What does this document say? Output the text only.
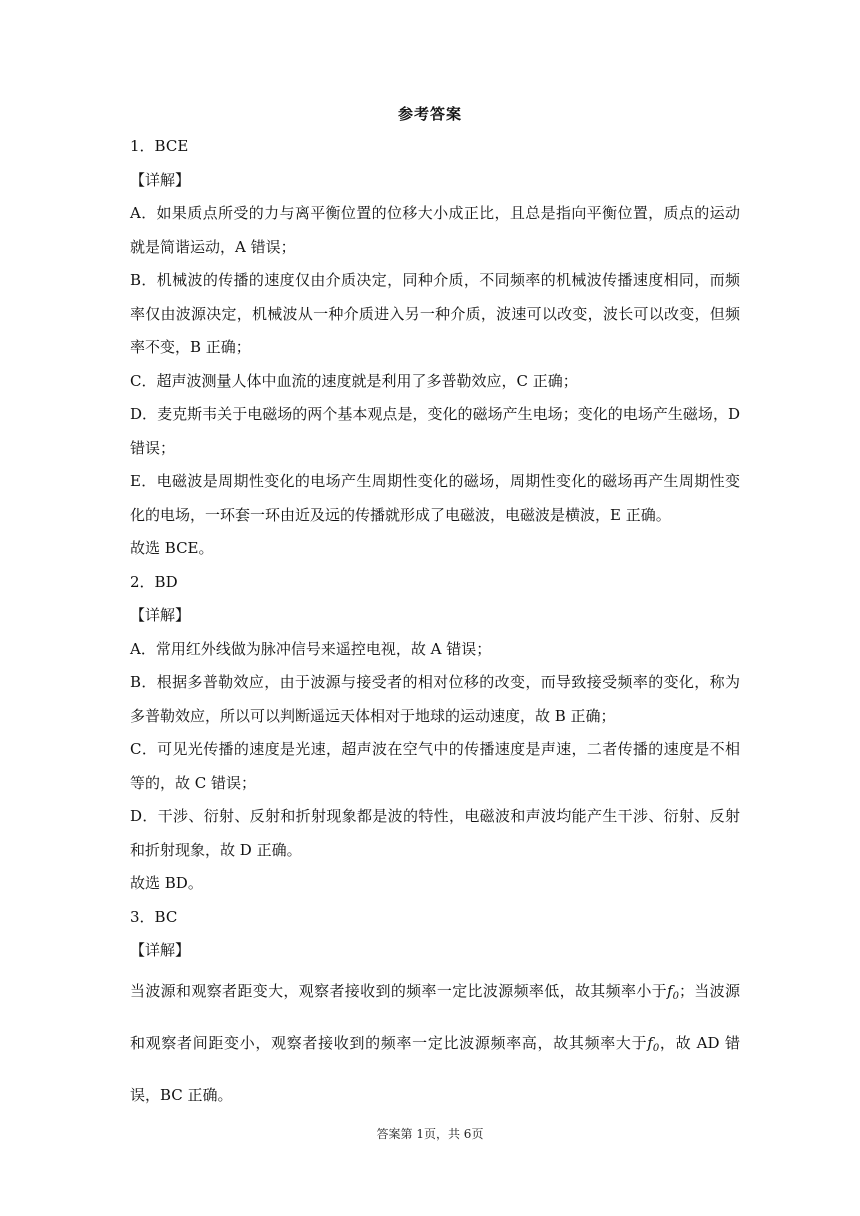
参考答案
1．BCE
【详解】
A．如果质点所受的力与离平衡位置的位移大小成正比，且总是指向平衡位置，质点的运动就是简谐运动，A 错误；
B．机械波的传播的速度仅由介质决定，同种介质，不同频率的机械波传播速度相同，而频率仅由波源决定，机械波从一种介质进入另一种介质，波速可以改变，波长可以改变，但频率不变，B 正确；
C．超声波测量人体中血流的速度就是利用了多普勒效应，C 正确；
D．麦克斯韦关于电磁场的两个基本观点是，变化的磁场产生电场；变化的电场产生磁场，D 错误；
E．电磁波是周期性变化的电场产生周期性变化的磁场，周期性变化的磁场再产生周期性变化的电场，一环套一环由近及远的传播就形成了电磁波，电磁波是横波，E 正确。
故选 BCE。
2．BD
【详解】
A．常用红外线做为脉冲信号来遥控电视，故 A 错误；
B．根据多普勒效应，由于波源与接受者的相对位移的改变，而导致接受频率的变化，称为多普勒效应，所以可以判断遥远天体相对于地球的运动速度，故 B 正确；
C．可见光传播的速度是光速，超声波在空气中的传播速度是声速，二者传播的速度是不相等的，故 C 错误；
D．干涉、衍射、反射和折射现象都是波的特性，电磁波和声波均能产生干涉、衍射、反射和折射现象，故 D 正确。
故选 BD。
3．BC
【详解】
当波源和观察者距变大，观察者接收到的频率一定比波源频率低，故其频率小于$f_0$；当波源和观察者间距变小，观察者接收到的频率一定比波源频率高，故其频率大于$f_0$，故 AD 错误，BC 正确。
答案第 1页，共 6页
